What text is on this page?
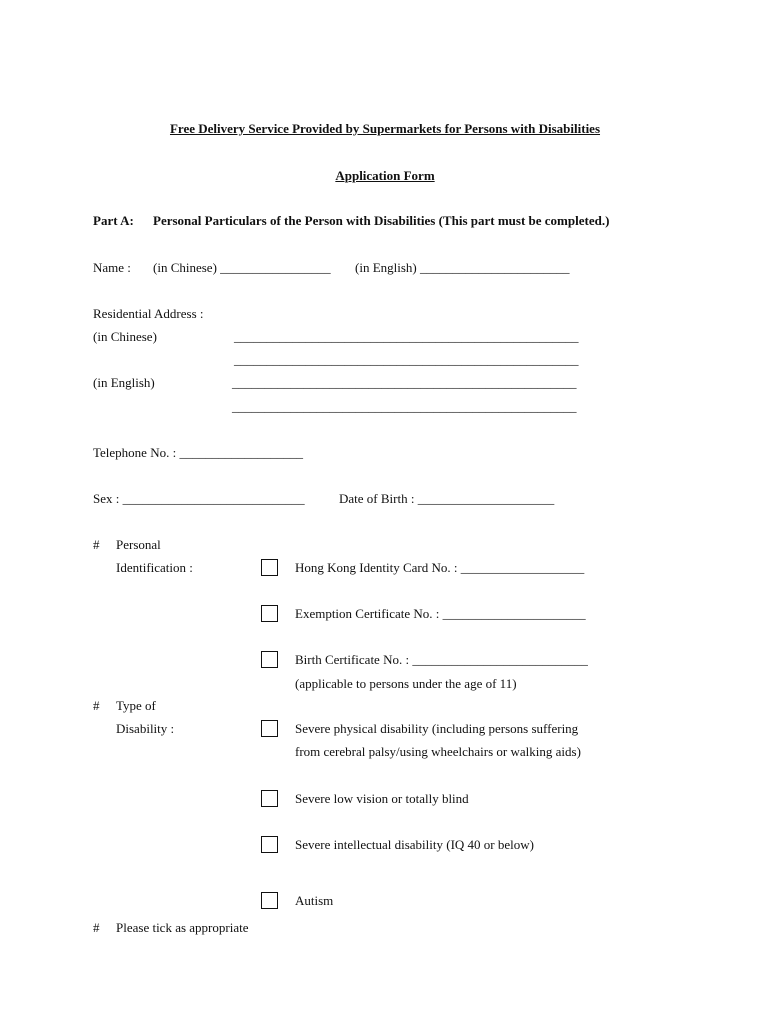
Free Delivery Service Provided by Supermarkets for Persons with Disabilities
Application Form
Part A: Personal Particulars of the Person with Disabilities (This part must be completed.)
Name : (in Chinese) _________________ (in English) _______________________
Residential Address :
(in Chinese)	_____________________________________________________
_____________________________________________________
(in English)	_____________________________________________________
_____________________________________________________
Telephone No. : ___________________
Sex : ____________________________	Date of Birth : _____________________
# Personal
Identification :	Hong Kong Identity Card No. : ___________________
Exemption Certificate No. : ______________________
Birth Certificate No. : ___________________________
(applicable to persons under the age of 11)
# Type of
Disability :	Severe physical disability (including persons suffering
from cerebral palsy/using wheelchairs or walking aids)
Severe low vision or totally blind
Severe intellectual disability (IQ 40 or below)
Autism
# Please tick as appropriate
